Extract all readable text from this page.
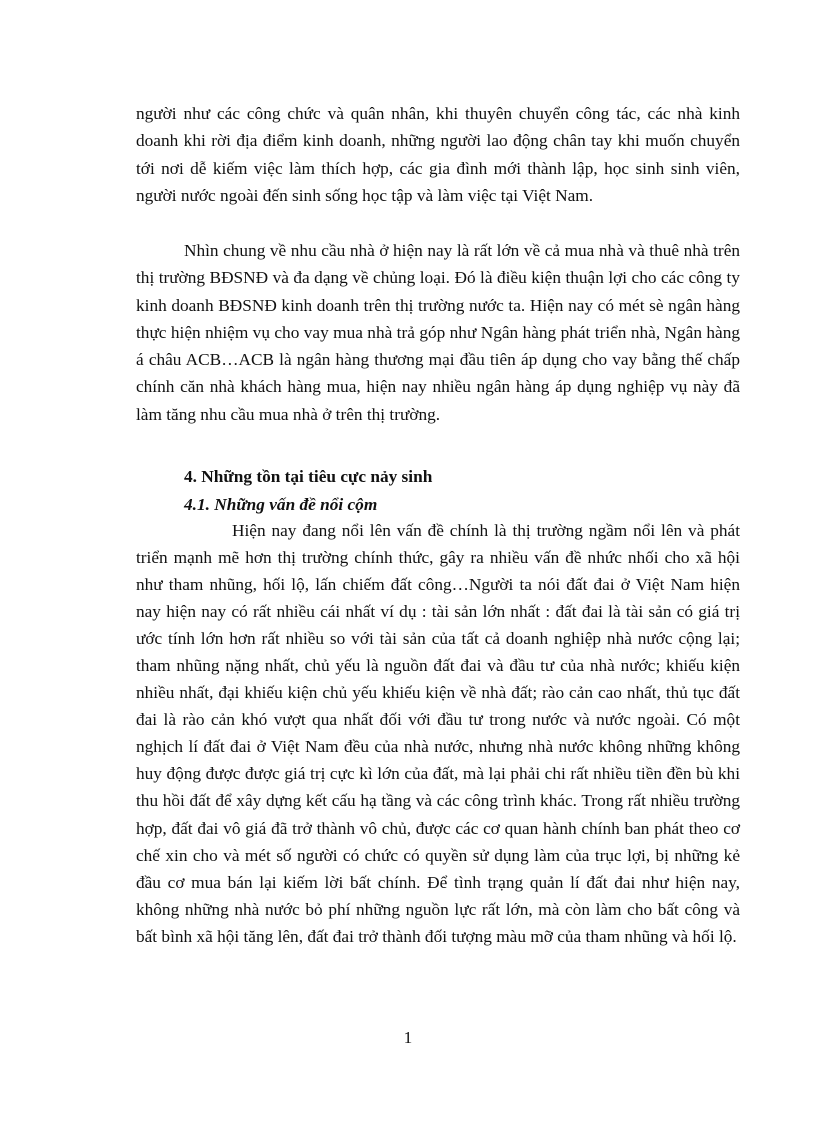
người như các công chức và quân nhân, khi thuyên chuyển công tác, các nhà kinh doanh khi rời địa điểm kinh doanh, những người lao động chân tay khi muốn chuyển tới nơi dễ kiếm việc làm thích hợp, các gia đình mới thành lập, học sinh sinh viên, người nước ngoài đến sinh sống học tập và làm việc tại Việt Nam.

Nhìn chung về nhu cầu nhà ở hiện nay là rất lớn về cả mua nhà và thuê nhà trên thị trường BĐSNĐ và đa dạng về chủng loại. Đó là điều kiện thuận lợi cho các công ty kinh doanh BĐSNĐ kinh doanh trên thị trường nước ta. Hiện nay có mét sè ngân hàng thực hiện nhiệm vụ cho vay mua nhà trả góp như Ngân hàng phát triển nhà, Ngân hàng á châu ACB…ACB là ngân hàng thương mại đầu tiên áp dụng cho vay bằng thế chấp chính căn nhà khách hàng mua, hiện nay nhiều ngân hàng áp dụng nghiệp vụ này đã làm tăng nhu cầu mua nhà ở trên thị trường.

4. Những tồn tại tiêu cực nảy sinh
4.1. Những vấn đề nổi cộm

Hiện nay đang nổi lên vấn đề chính là thị trường ngầm nổi lên và phát triển mạnh mẽ hơn thị trường chính thức, gây ra nhiều vấn đề nhức nhối cho xã hội như tham nhũng, hối lộ, lấn chiếm đất công…Người ta nói đất đai ở Việt Nam hiện nay hiện nay có rất nhiều cái nhất ví dụ : tài sản lớn nhất : đất đai là tài sản có giá trị ước tính lớn hơn rất nhiều so với tài sản của tất cả doanh nghiệp nhà nước cộng lại; tham nhũng nặng nhất, chủ yếu là nguồn đất đai và đầu tư của nhà nước; khiếu kiện nhiều nhất, đại khiếu kiện chủ yếu khiếu kiện về nhà đất; rào cản cao nhất, thủ tục đất đai là rào cản khó vượt qua nhất đối với đầu tư trong nước và nước ngoài. Có một nghịch lí đất đai ở Việt Nam đều của nhà nước, nhưng nhà nước không những không huy động được được giá trị cực kì lớn của đất, mà lại phải chi rất nhiều tiền đền bù khi thu hồi đất để xây dựng kết cấu hạ tầng và các công trình khác. Trong rất nhiều trường hợp, đất đai vô giá đã trở thành vô chủ, được các cơ quan hành chính ban phát theo cơ chế xin cho và mét số người có chức có quyền sử dụng làm của trục lợi, bị những kẻ đầu cơ mua bán lại kiếm lời bất chính. Để tình trạng quản lí đất đai như hiện nay, không những nhà nước bỏ phí những nguồn lực rất lớn, mà còn làm cho bất công và bất bình xã hội tăng lên, đất đai trở thành đối tượng màu mỡ của tham nhũng và hối lộ.

1
